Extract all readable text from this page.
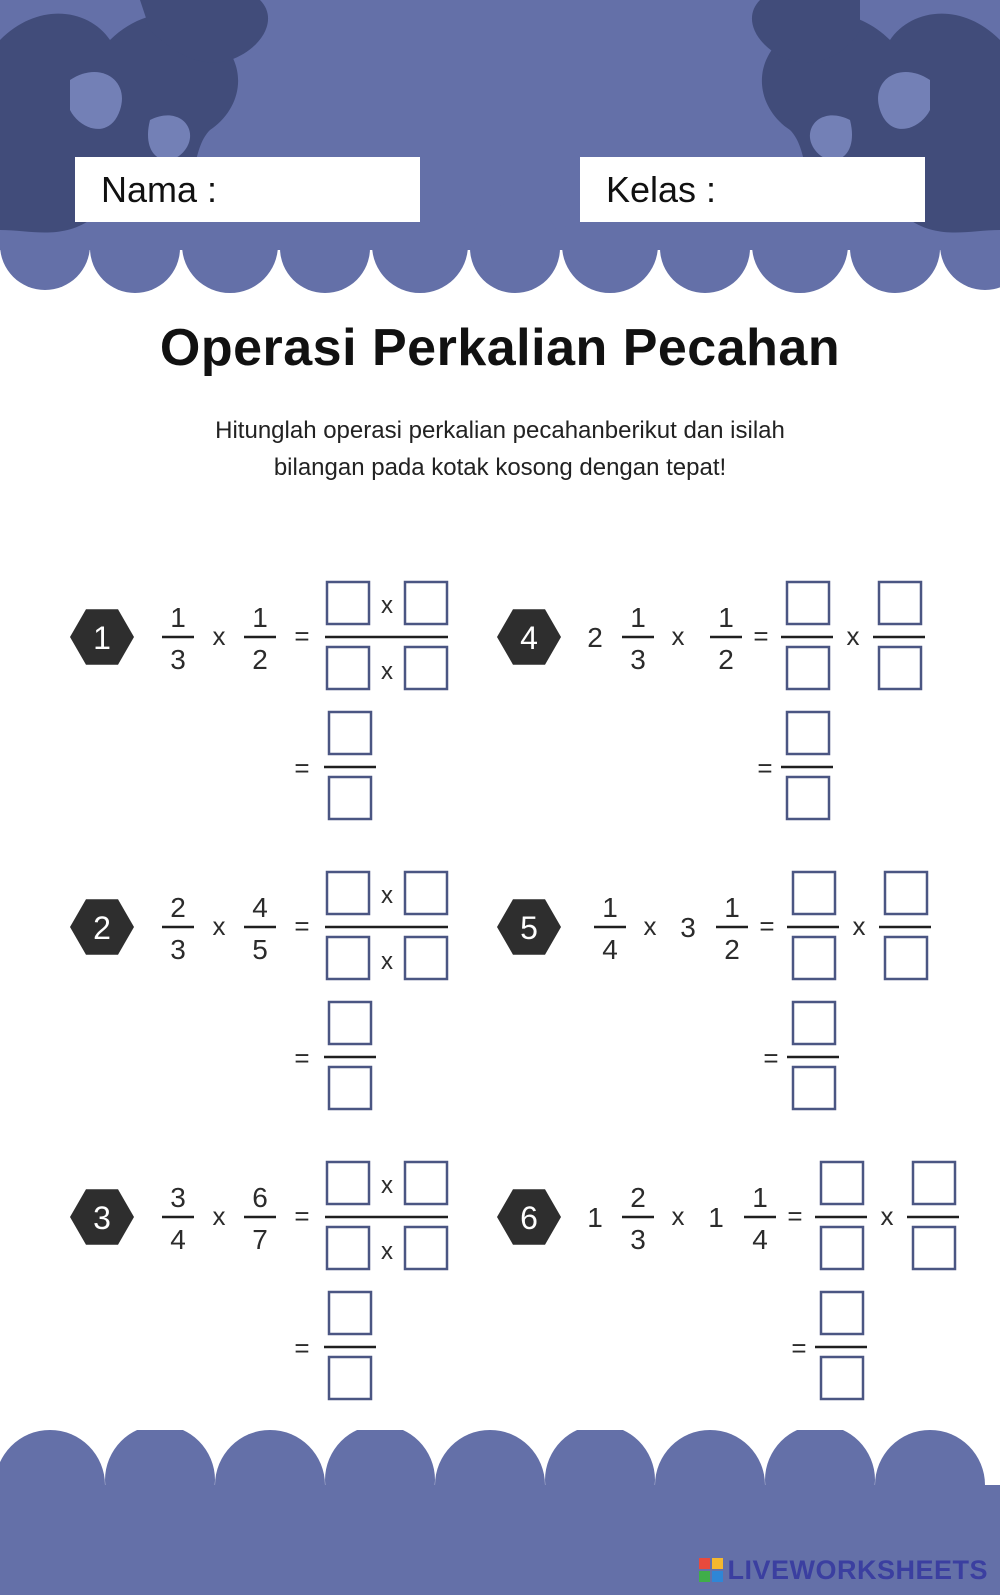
Nama :	Kelas :
Operasi Perkalian Pecahan
Hitunglah operasi perkalian pecahanberikut dan isilah
bilangan pada kotak kosong dengan tepat!
1
1
3
x
1
2
=
x
x
=
2
2
3
x
4
5
=
x
x
=
3
3
4
x
6
7
=
x
x
=
4 2
1
3
x
1
2
=	x
=
5
1
4
x 3
1
2
=	x
=
6 1
2
3
x 1
1
4
=	x
=
LIVEWORKSHEETS
